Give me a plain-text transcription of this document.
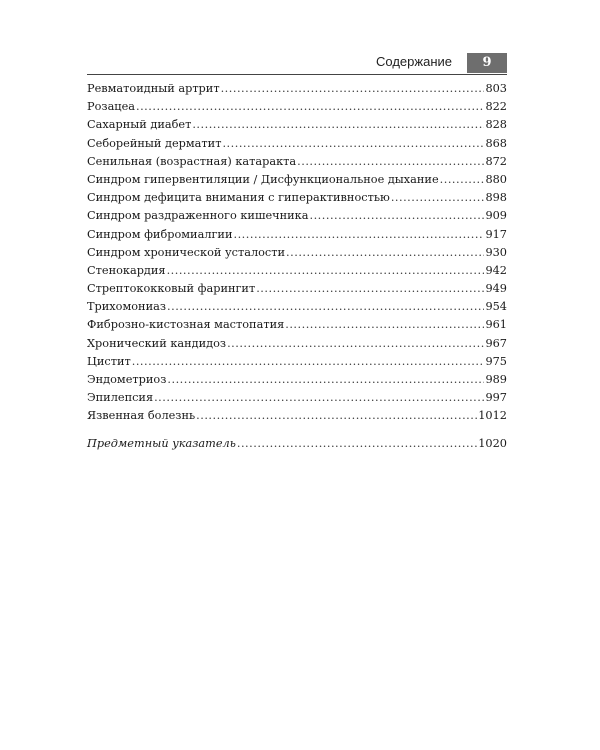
Содержание	9
Ревматоидный артрит .....	803
Розацеа .....	822
Сахарный диабет .....	828
Себорейный дерматит .....	868
Сенильная (возрастная) катаракта .....	872
Синдром гипервентиляции / Дисфункциональное дыхание .....	880
Синдром дефицита внимания с гиперактивностью .....	898
Синдром раздраженного кишечника .....	909
Синдром фибромиалгии .....	917
Синдром хронической усталости .....	930
Стенокардия .....	942
Стрептококковый фарингит .....	949
Трихомониаз .....	954
Фиброзно-кистозная мастопатия .....	961
Хронический кандидоз .....	967
Цистит .....	975
Эндометриоз .....	989
Эпилепсия .....	997
Язвенная болезнь .....	1012
Предметный указатель .....	1020
